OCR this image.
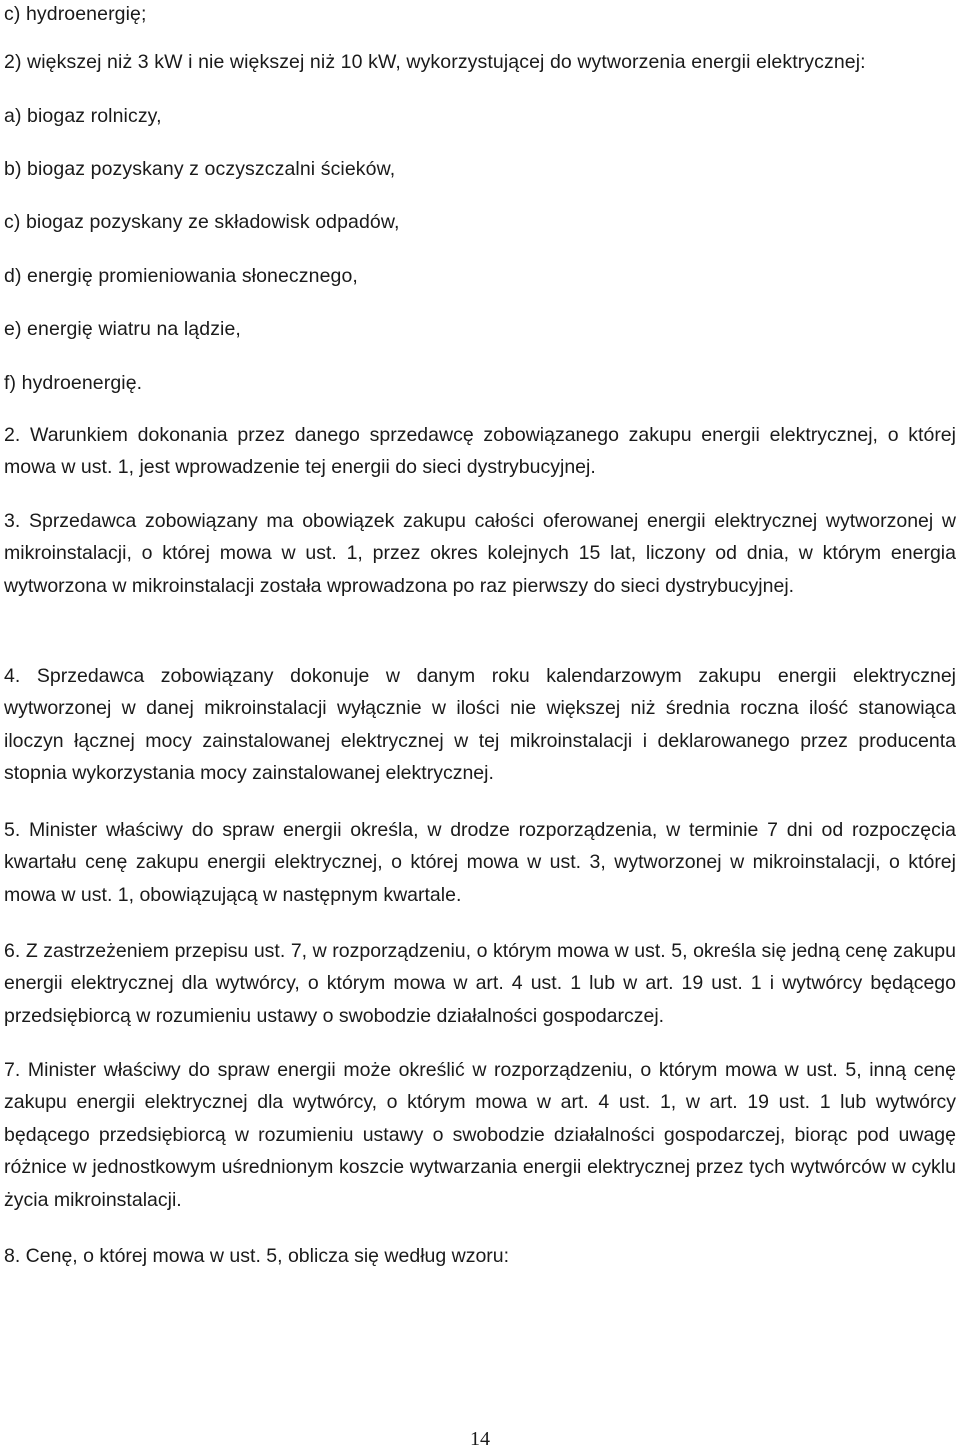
c) hydroenergię;
2) większej niż 3 kW i nie większej niż 10 kW, wykorzystującej do wytworzenia energii elektrycznej:
a) biogaz rolniczy,
b) biogaz pozyskany z oczyszczalni ścieków,
c) biogaz pozyskany ze składowisk odpadów,
d) energię promieniowania słonecznego,
e) energię wiatru na lądzie,
f) hydroenergię.
2. Warunkiem dokonania przez danego sprzedawcę zobowiązanego zakupu energii elektrycznej, o której mowa w ust. 1, jest wprowadzenie tej energii do sieci dystrybucyjnej.
3. Sprzedawca zobowiązany ma obowiązek zakupu całości oferowanej energii elektrycznej wytworzonej w mikroinstalacji, o której mowa w ust. 1, przez okres kolejnych 15 lat, liczony od dnia, w którym energia wytworzona w mikroinstalacji została wprowadzona po raz pierwszy do sieci dystrybucyjnej.
4. Sprzedawca zobowiązany dokonuje w danym roku kalendarzowym zakupu energii elektrycznej wytworzonej w danej mikroinstalacji wyłącznie w ilości nie większej niż średnia roczna ilość stanowiąca iloczyn łącznej mocy zainstalowanej elektrycznej w tej mikroinstalacji i deklarowanego przez producenta stopnia wykorzystania mocy zainstalowanej elektrycznej.
5. Minister właściwy do spraw energii określa, w drodze rozporządzenia, w terminie 7 dni od rozpoczęcia kwartału cenę zakupu energii elektrycznej, o której mowa w ust. 3, wytworzonej w mikroinstalacji, o której mowa w ust. 1, obowiązującą w następnym kwartale.
6. Z zastrzeżeniem przepisu ust. 7, w rozporządzeniu, o którym mowa w ust. 5, określa się jedną cenę zakupu energii elektrycznej dla wytwórcy, o którym mowa w art. 4 ust. 1 lub w art. 19 ust. 1 i wytwórcy będącego przedsiębiorcą w rozumieniu ustawy o swobodzie działalności gospodarczej.
7. Minister właściwy do spraw energii może określić w rozporządzeniu, o którym mowa w ust. 5, inną cenę zakupu energii elektrycznej dla wytwórcy, o którym mowa w art. 4 ust. 1, w art. 19 ust. 1 lub wytwórcy będącego przedsiębiorcą w rozumieniu ustawy o swobodzie działalności gospodarczej, biorąc pod uwagę różnice w jednostkowym uśrednionym koszcie wytwarzania energii elektrycznej przez tych wytwórców w cyklu życia mikroinstalacji.
8. Cenę, o której mowa w ust. 5, oblicza się według wzoru:
14
